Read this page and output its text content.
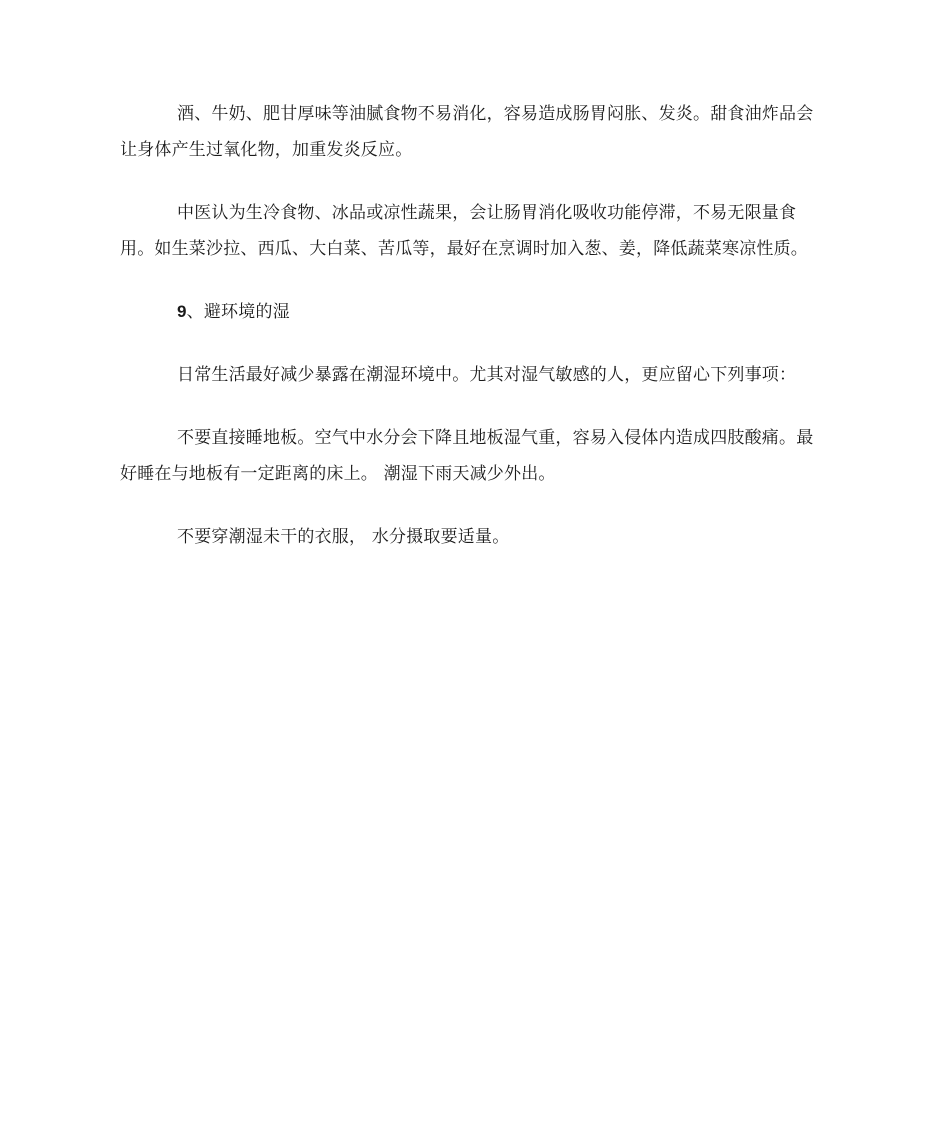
酒、牛奶、肥甘厚味等油腻食物不易消化，容易造成肠胃闷胀、发炎。甜食油炸品会让身体产生过氧化物，加重发炎反应。

中医认为生冷食物、冰品或凉性蔬果，会让肠胃消化吸收功能停滞，不易无限量食用。如生菜沙拉、西瓜、大白菜、苦瓜等，最好在烹调时加入葱、姜，降低蔬菜寒凉性质。

9、避环境的湿

日常生活最好减少暴露在潮湿环境中。尤其对湿气敏感的人，更应留心下列事项：

不要直接睡地板。空气中水分会下降且地板湿气重，容易入侵体内造成四肢酸痛。最好睡在与地板有一定距离的床上。 潮湿下雨天减少外出。

不要穿潮湿未干的衣服， 水分摄取要适量。
